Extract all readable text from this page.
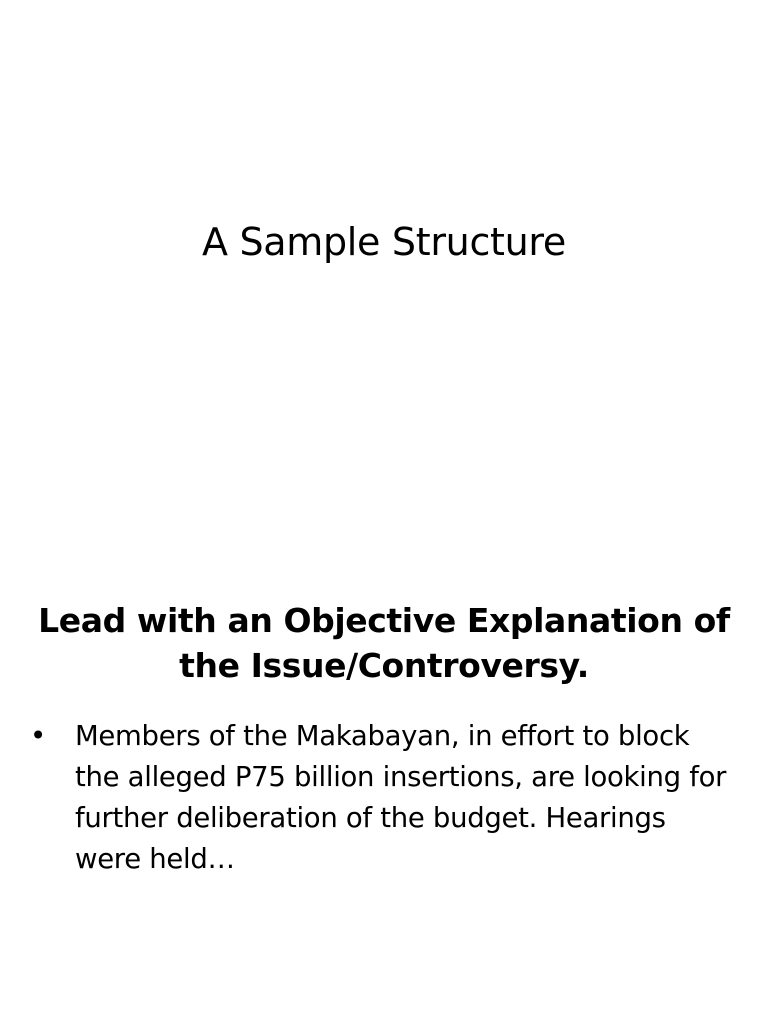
A Sample Structure
Lead with an Objective Explanation of the Issue/Controversy.
• Members of the Makabayan, in effort to block the alleged P75 billion insertions, are looking for further deliberation of the budget. Hearings were held…
